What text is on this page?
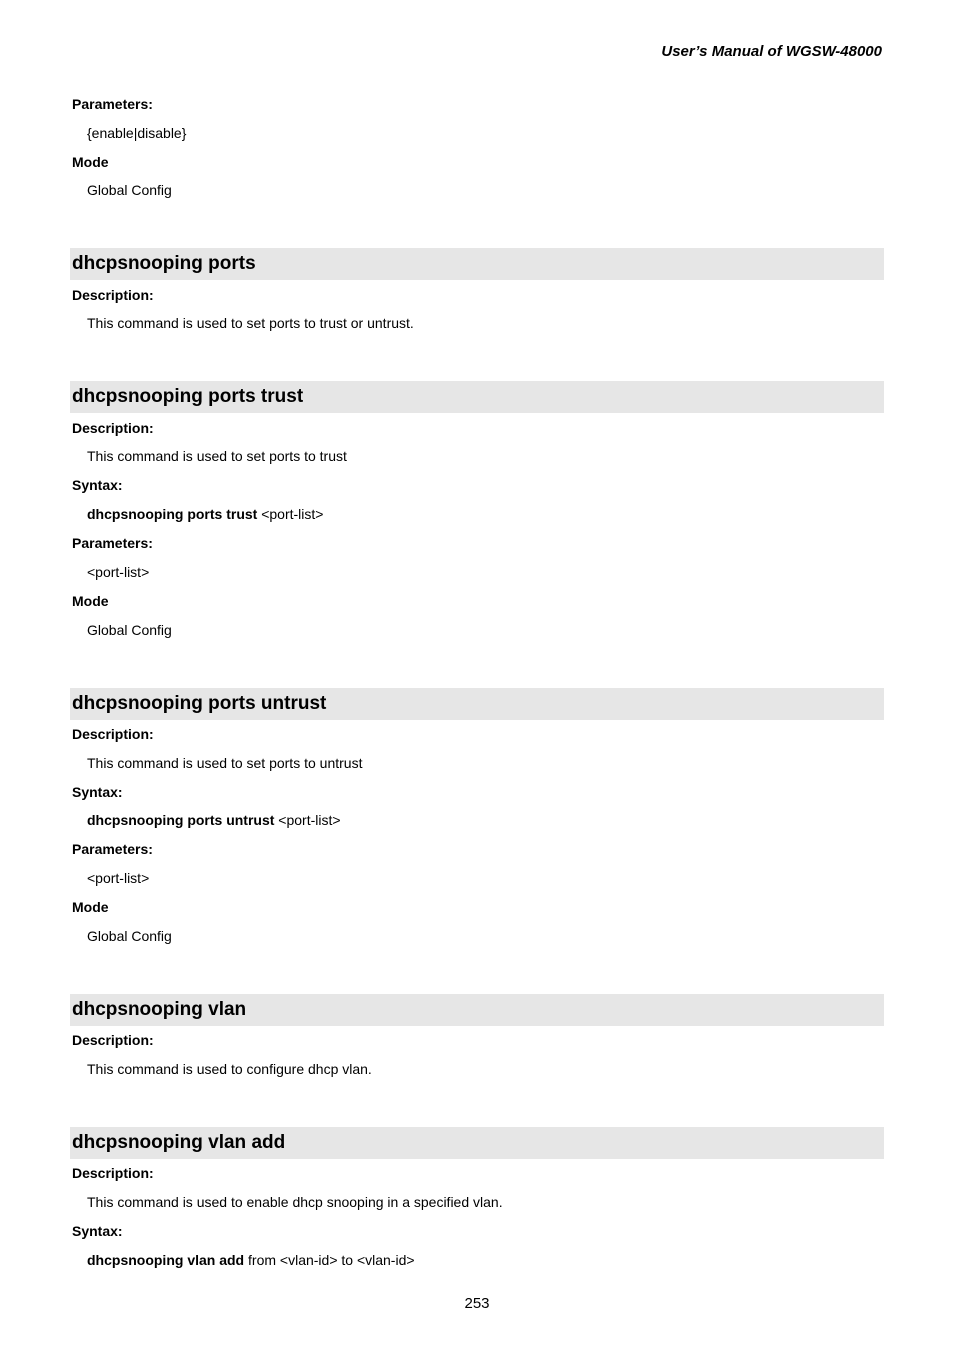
User’s Manual of WGSW-48000
Parameters:
{enable|disable}
Mode
Global Config
dhcpsnooping ports
Description:
This command is used to set ports to trust or untrust.
dhcpsnooping ports trust
Description:
This command is used to set ports to trust
Syntax:
dhcpsnooping ports trust <port-list>
Parameters:
<port-list>
Mode
Global Config
dhcpsnooping ports untrust
Description:
This command is used to set ports to untrust
Syntax:
dhcpsnooping ports untrust <port-list>
Parameters:
<port-list>
Mode
Global Config
dhcpsnooping vlan
Description:
This command is used to configure dhcp vlan.
dhcpsnooping vlan add
Description:
This command is used to enable dhcp snooping in a specified vlan.
Syntax:
dhcpsnooping vlan add from <vlan-id> to <vlan-id>
253
